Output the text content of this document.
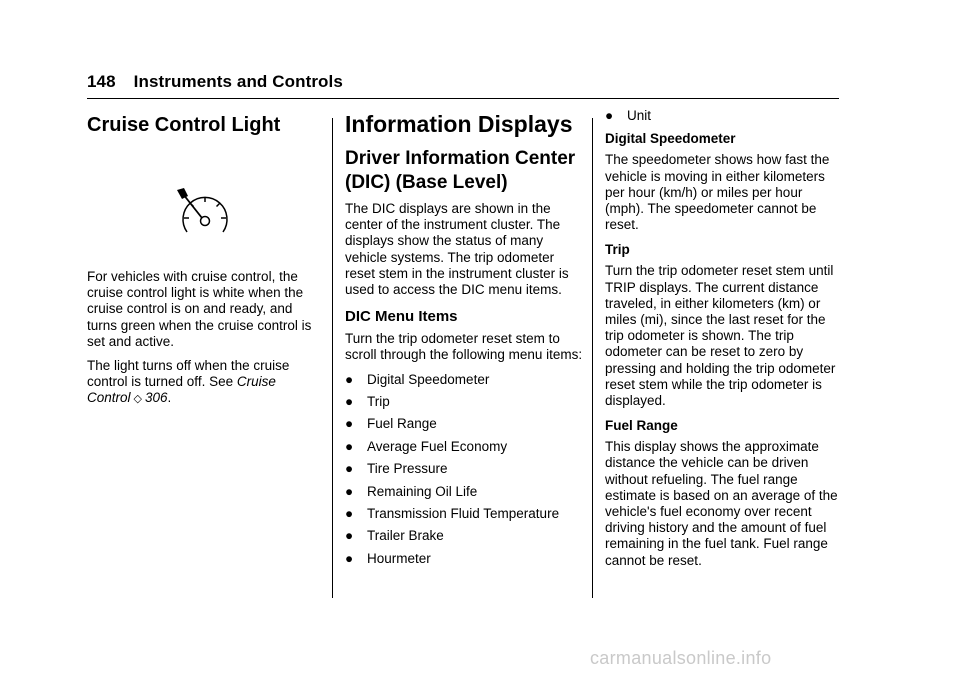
148 Instruments and Controls
Cruise Control Light

For vehicles with cruise control, the cruise control light is white when the cruise control is on and ready, and turns green when the cruise control is set and active.

The light turns off when the cruise control is turned off. See Cruise Control ◇ 306.

Information Displays
Driver Information Center (DIC) (Base Level)

The DIC displays are shown in the center of the instrument cluster. The displays show the status of many vehicle systems. The trip odometer reset stem in the instrument cluster is used to access the DIC menu items.

DIC Menu Items

Turn the trip odometer reset stem to scroll through the following menu items:

●	Digital Speedometer
●	Trip
●	Fuel Range
●	Average Fuel Economy
●	Tire Pressure
●	Remaining Oil Life
●	Transmission Fluid Temperature
●	Trailer Brake
●	Hourmeter
●	Unit
Digital Speedometer

The speedometer shows how fast the vehicle is moving in either kilometers per hour (km/h) or miles per hour (mph). The speedometer cannot be reset.

Trip

Turn the trip odometer reset stem until TRIP displays. The current distance traveled, in either kilometers (km) or miles (mi), since the last reset for the trip odometer is shown. The trip odometer can be reset to zero by pressing and holding the trip odometer reset stem while the trip odometer is displayed.

Fuel Range

This display shows the approximate distance the vehicle can be driven without refueling. The fuel range estimate is based on an average of the vehicle's fuel economy over recent driving history and the amount of fuel remaining in the fuel tank. Fuel range cannot be reset.

carmanualsonline.info
